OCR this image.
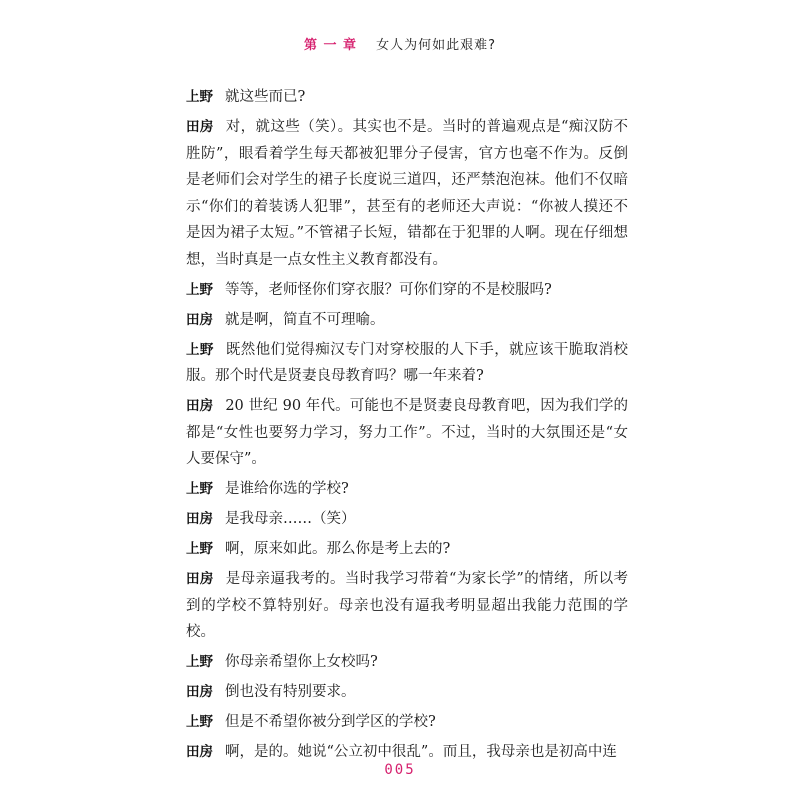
第 一 章 女人为何如此艰难?

上野 就这些而已?

田房 对，就这些（笑）。其实也不是。当时的普遍观点是“痴汉防不胜防”，眼看着学生每天都被犯罪分子侵害，官方也毫不作为。反倒是老师们会对学生的裙子长度说三道四，还严禁泡泡袜。他们不仅暗示“你们的着装诱人犯罪”，甚至有的老师还大声说：“你被人摸还不是因为裙子太短。”不管裙子长短，错都在于犯罪的人啊。现在仔细想想，当时真是一点女性主义教育都没有。

上野 等等，老师怪你们穿衣服？可你们穿的不是校服吗?

田房 就是啊，简直不可理喻。

上野 既然他们觉得痴汉专门对穿校服的人下手，就应该干脆取消校服。那个时代是贤妻良母教育吗？哪一年来着?

田房 20 世纪 90 年代。可能也不是贤妻良母教育吧，因为我们学的都是“女性也要努力学习，努力工作”。不过，当时的大氛围还是“女人要保守”。

上野 是谁给你选的学校?

田房 是我母亲……（笑）

上野 啊，原来如此。那么你是考上去的?

田房 是母亲逼我考的。当时我学习带着“为家长学”的情绪，所以考到的学校不算特别好。母亲也没有逼我考明显超出我能力范围的学校。

上野 你母亲希望你上女校吗?

田房 倒也没有特别要求。

上野 但是不希望你被分到学区的学校?

田房 啊，是的。她说“公立初中很乱”。而且，我母亲也是初高中连

005
